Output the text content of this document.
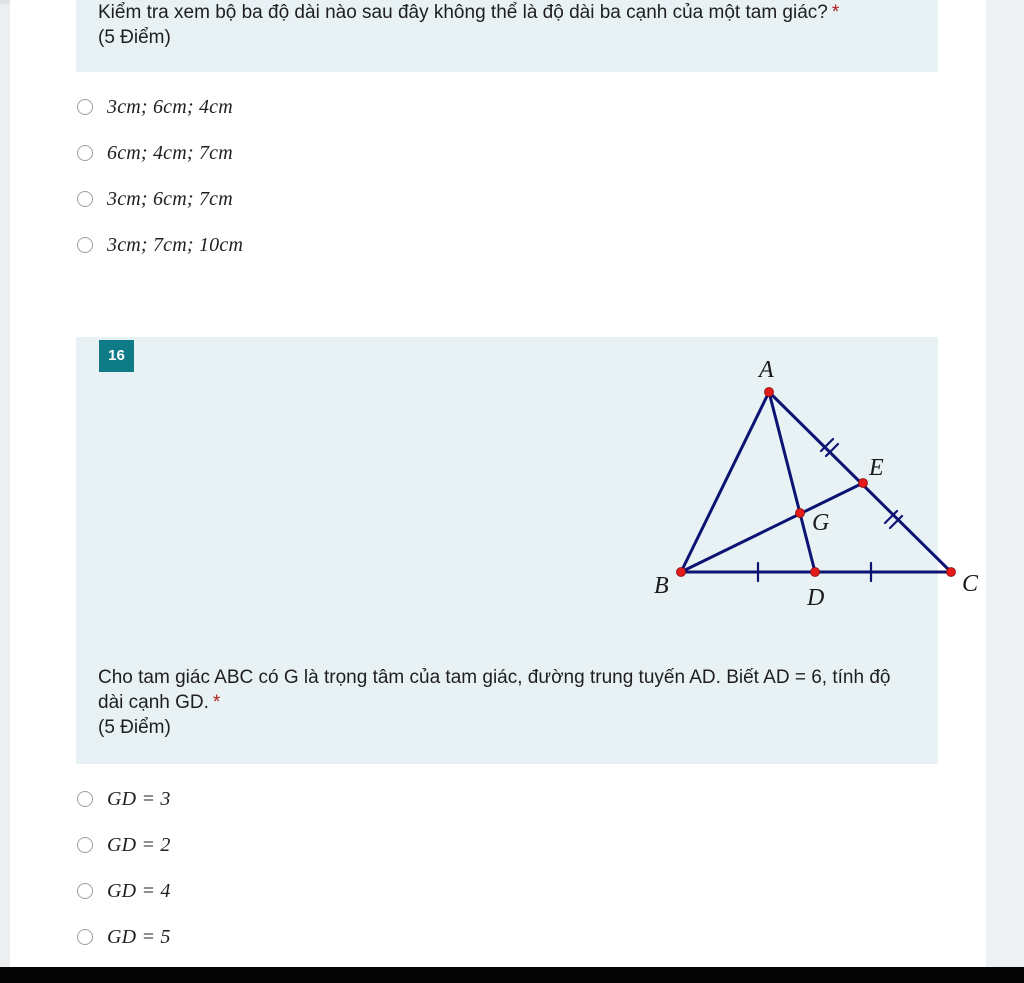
Kiểm tra xem bộ ba độ dài nào sau đây không thể là độ dài ba cạnh của một tam giác? *
(5 Điểm)

3cm; 6cm; 4cm
6cm; 4cm; 7cm
3cm; 6cm; 7cm
3cm; 7cm; 10cm
16
A
B	C
D
E
G

Cho tam giác ABC có G là trọng tâm của tam giác, đường trung tuyến AD. Biết AD = 6, tính độ dài cạnh GD. *
(5 Điểm)

GD = 3
GD = 2
GD = 4
GD = 5
